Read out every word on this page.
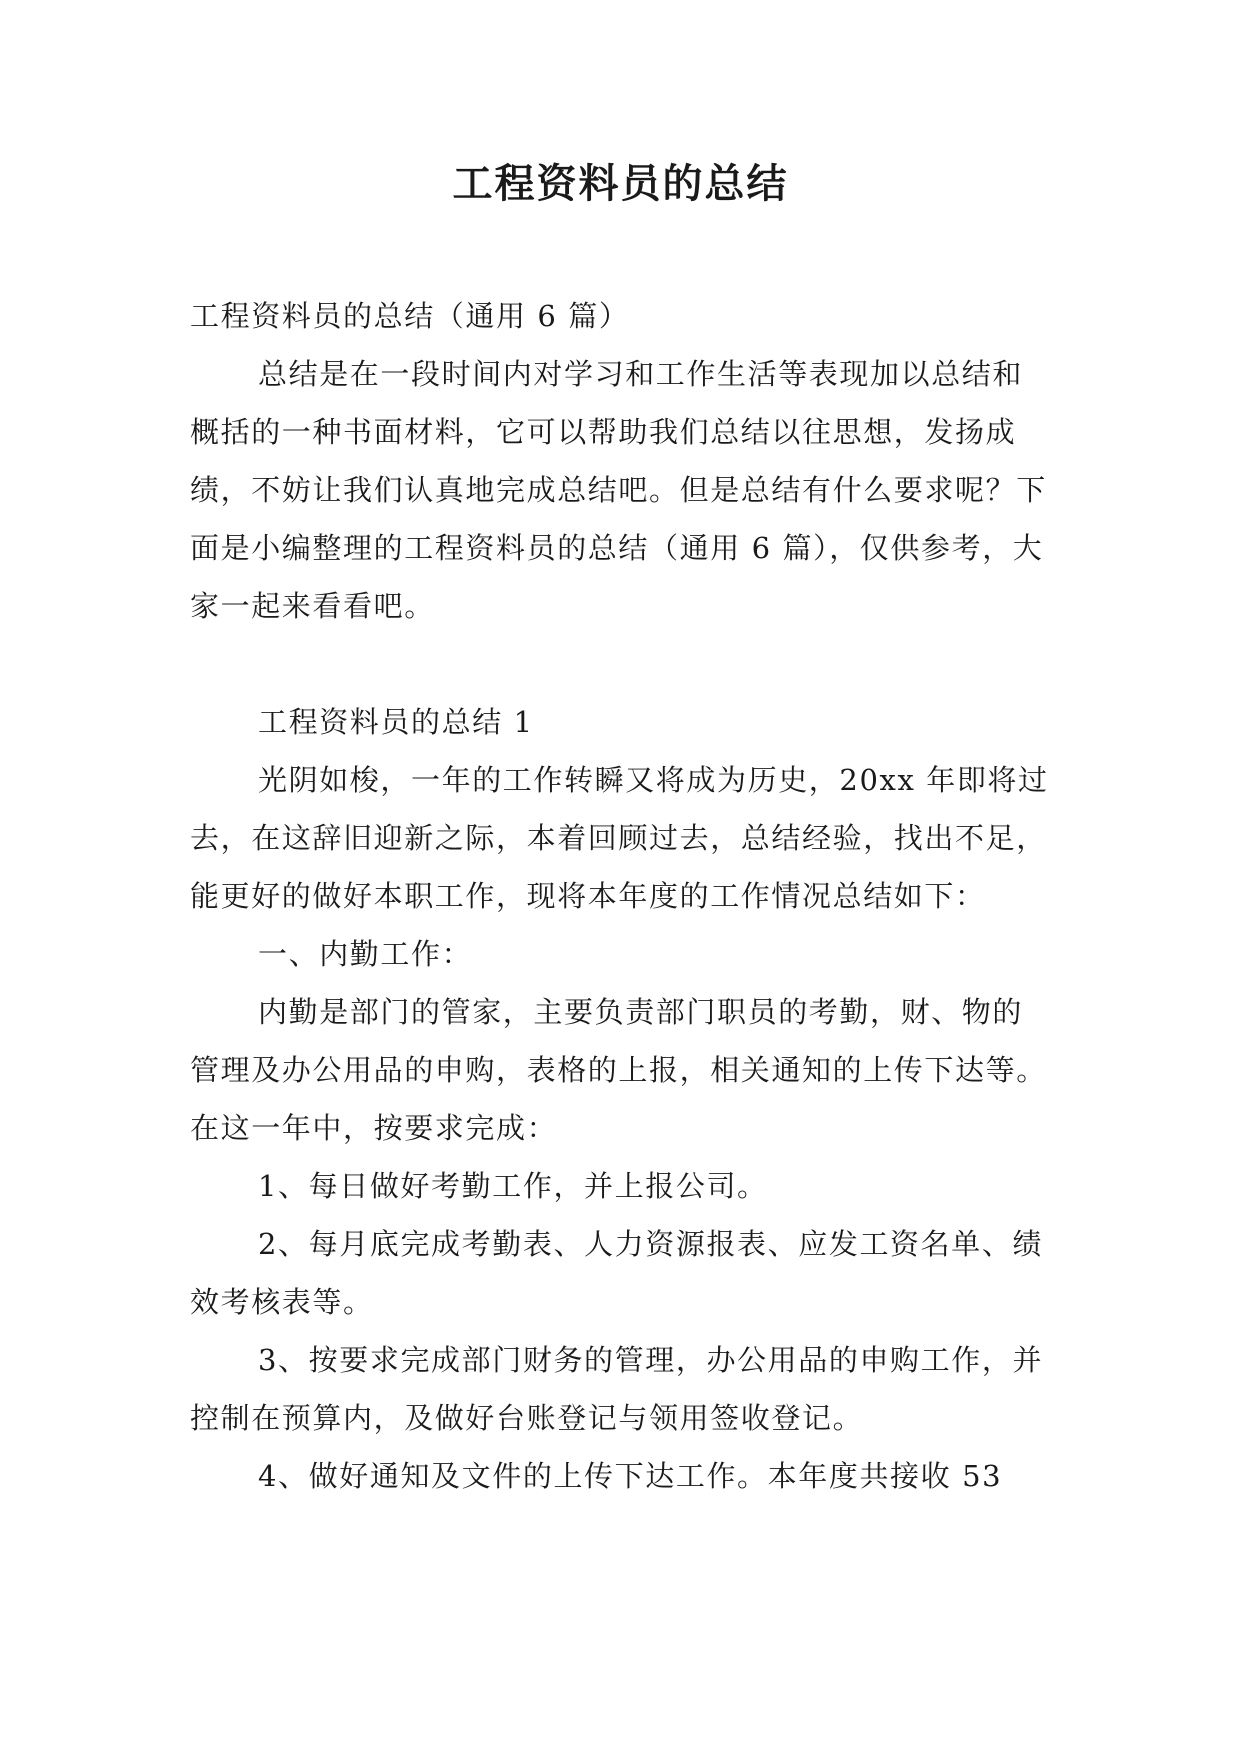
工程资料员的总结

工程资料员的总结（通用 6 篇）

总结是在一段时间内对学习和工作生活等表现加以总结和概括的一种书面材料，它可以帮助我们总结以往思想，发扬成绩，不妨让我们认真地完成总结吧。但是总结有什么要求呢？下面是小编整理的工程资料员的总结（通用 6 篇），仅供参考，大家一起来看看吧。

工程资料员的总结 1

光阴如梭，一年的工作转瞬又将成为历史，20xx 年即将过去，在这辞旧迎新之际，本着回顾过去，总结经验，找出不足，能更好的做好本职工作，现将本年度的工作情况总结如下：

一、内勤工作：

内勤是部门的管家，主要负责部门职员的考勤，财、物的管理及办公用品的申购，表格的上报，相关通知的上传下达等。在这一年中，按要求完成：

1、每日做好考勤工作，并上报公司。

2、每月底完成考勤表、人力资源报表、应发工资名单、绩效考核表等。

3、按要求完成部门财务的管理，办公用品的申购工作，并控制在预算内，及做好台账登记与领用签收登记。

4、做好通知及文件的上传下达工作。本年度共接收 53
